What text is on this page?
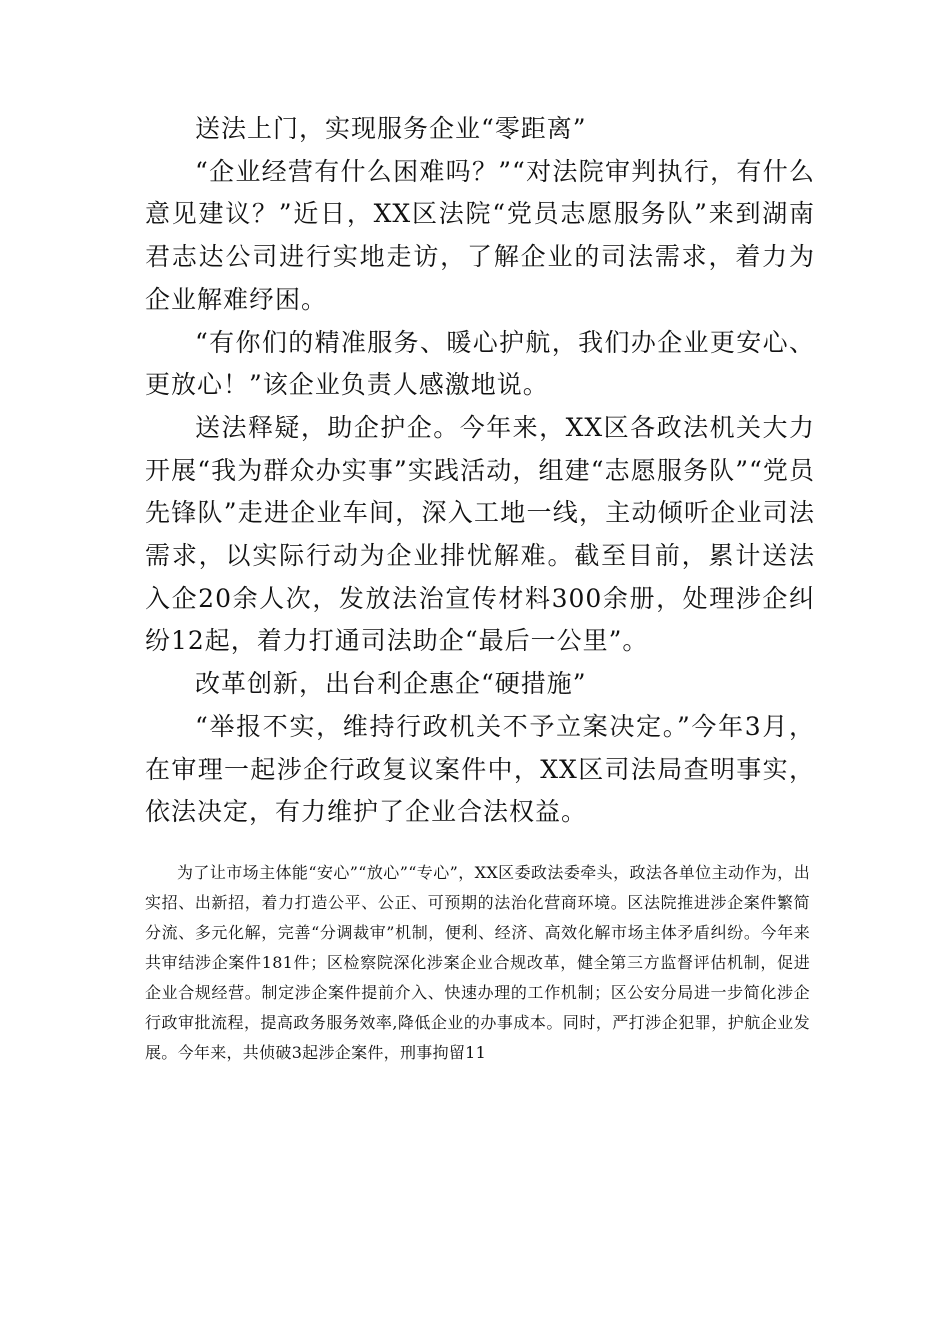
送法上门，实现服务企业“零距离”

“企业经营有什么困难吗？”“对法院审判执行，有什么意见建议？”近日，XX区法院“党员志愿服务队”来到湖南君志达公司进行实地走访，了解企业的司法需求，着力为企业解难纾困。

“有你们的精准服务、暖心护航，我们办企业更安心、更放心！”该企业负责人感激地说。

送法释疑，助企护企。今年来，XX区各政法机关大力开展“我为群众办实事”实践活动，组建“志愿服务队”“党员先锋队”走进企业车间，深入工地一线，主动倾听企业司法需求，以实际行动为企业排忧解难。截至目前，累计送法入企20余人次，发放法治宣传材料300余册，处理涉企纠纷12起，着力打通司法助企“最后一公里”。

改革创新，出台利企惠企“硬措施”

“举报不实，维持行政机关不予立案决定。”今年3月，在审理一起涉企行政复议案件中，XX区司法局查明事实，依法决定，有力维护了企业合法权益。

为了让市场主体能“安心”“放心”“专心”，XX区委政法委牵头，政法各单位主动作为，出实招、出新招，着力打造公平、公正、可预期的法治化营商环境。区法院推进涉企案件繁简分流、多元化解，完善“分调裁审”机制，便利、经济、高效化解市场主体矛盾纠纷。今年来共审结涉企案件181件；区检察院深化涉案企业合规改革，健全第三方监督评估机制，促进企业合规经营。制定涉企案件提前介入、快速办理的工作机制；区公安分局进一步简化涉企行政审批流程，提高政务服务效率,降低企业的办事成本。同时，严打涉企犯罪，护航企业发展。今年来，共侦破3起涉企案件，刑事拘留11
